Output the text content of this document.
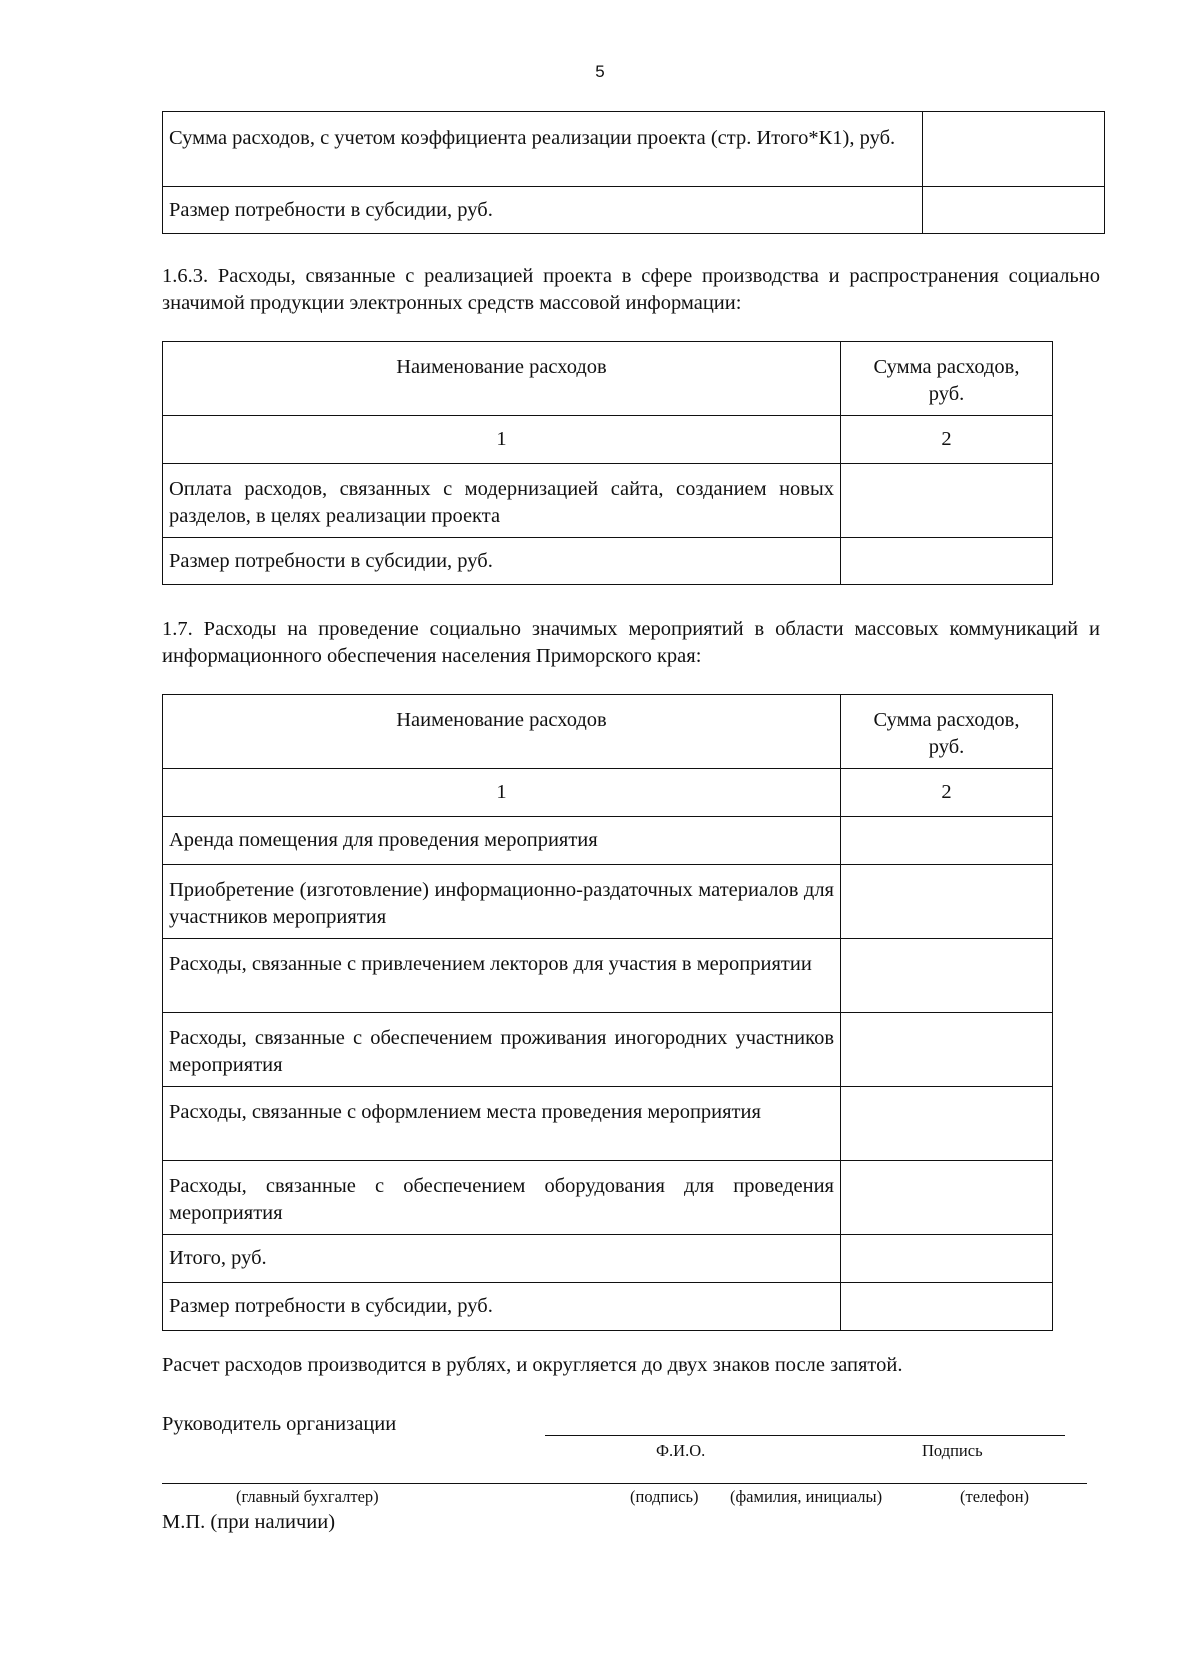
5
Сумма расходов, с учетом коэффициента реализации проекта (стр. Итого*К1), руб.	
Размер потребности в субсидии, руб.	

1.6.3. Расходы, связанные с реализацией проекта в сфере производства и распространения социально значимой продукции электронных средств массовой информации:

Наименование расходов	Сумма расходов, руб.
1	2
Оплата расходов, связанных с модернизацией сайта, созданием новых разделов, в целях реализации проекта	
Размер потребности в субсидии, руб.	

1.7. Расходы на проведение социально значимых мероприятий в области массовых коммуникаций и информационного обеспечения населения Приморского края:

Наименование расходов	Сумма расходов, руб.
1	2
Аренда помещения для проведения мероприятия	
Приобретение (изготовление) информационно-раздаточных материалов для участников мероприятия	
Расходы, связанные с привлечением лекторов для участия в мероприятии	
Расходы, связанные с обеспечением проживания иногородних участников мероприятия	
Расходы, связанные с оформлением места проведения мероприятия	
Расходы, связанные с обеспечением оборудования для проведения мероприятия	
Итого, руб.	
Размер потребности в субсидии, руб.	
Расчет расходов производится в рублях, и округляется до двух знаков после запятой.
Руководитель организации
Ф.И.О.	Подпись
(главный бухгалтер)	(подпись) (фамилия, инициалы)	(телефон)
М.П. (при наличии)
